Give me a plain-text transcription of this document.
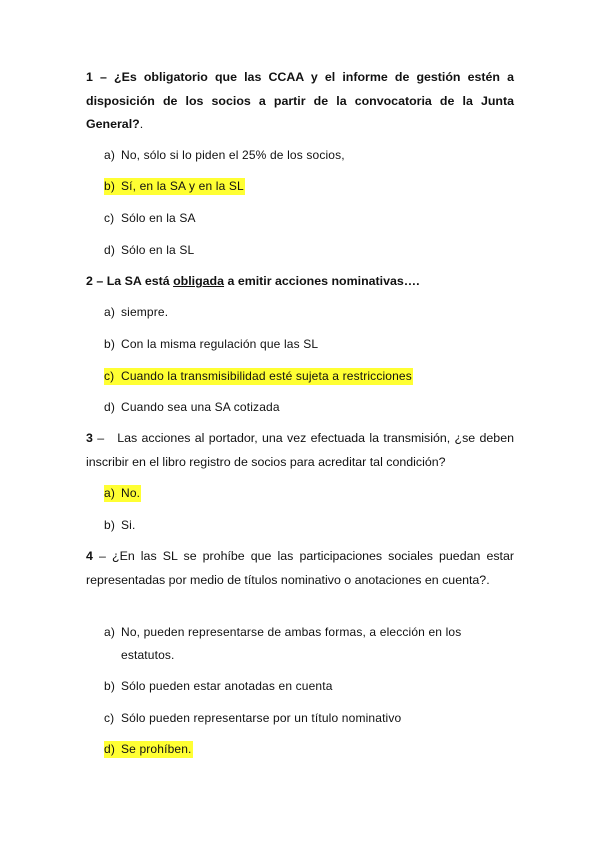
1 – ¿Es obligatorio que las CCAA y el informe de gestión estén a disposición de los socios a partir de la convocatoria de la Junta General?.
a) No, sólo si lo piden el 25% de los socios,
b) Sí, en la SA y en la SL
c) Sólo en la SA
d) Sólo en la SL
2 – La SA está obligada a emitir acciones nominativas….
a) siempre.
b) Con la misma regulación que las SL
c) Cuando la transmisibilidad esté sujeta a restricciones
d) Cuando sea una SA cotizada
3 – Las acciones al portador, una vez efectuada la transmisión, ¿se deben inscribir en el libro registro de socios para acreditar tal condición?
a) No.
b) Si.
4 – ¿En las SL se prohíbe que las participaciones sociales puedan estar representadas por medio de títulos nominativo o anotaciones en cuenta?.
a) No, pueden representarse de ambas formas, a elección en los
estatutos.
b) Sólo pueden estar anotadas en cuenta
c) Sólo pueden representarse por un título nominativo
d) Se prohíben.
